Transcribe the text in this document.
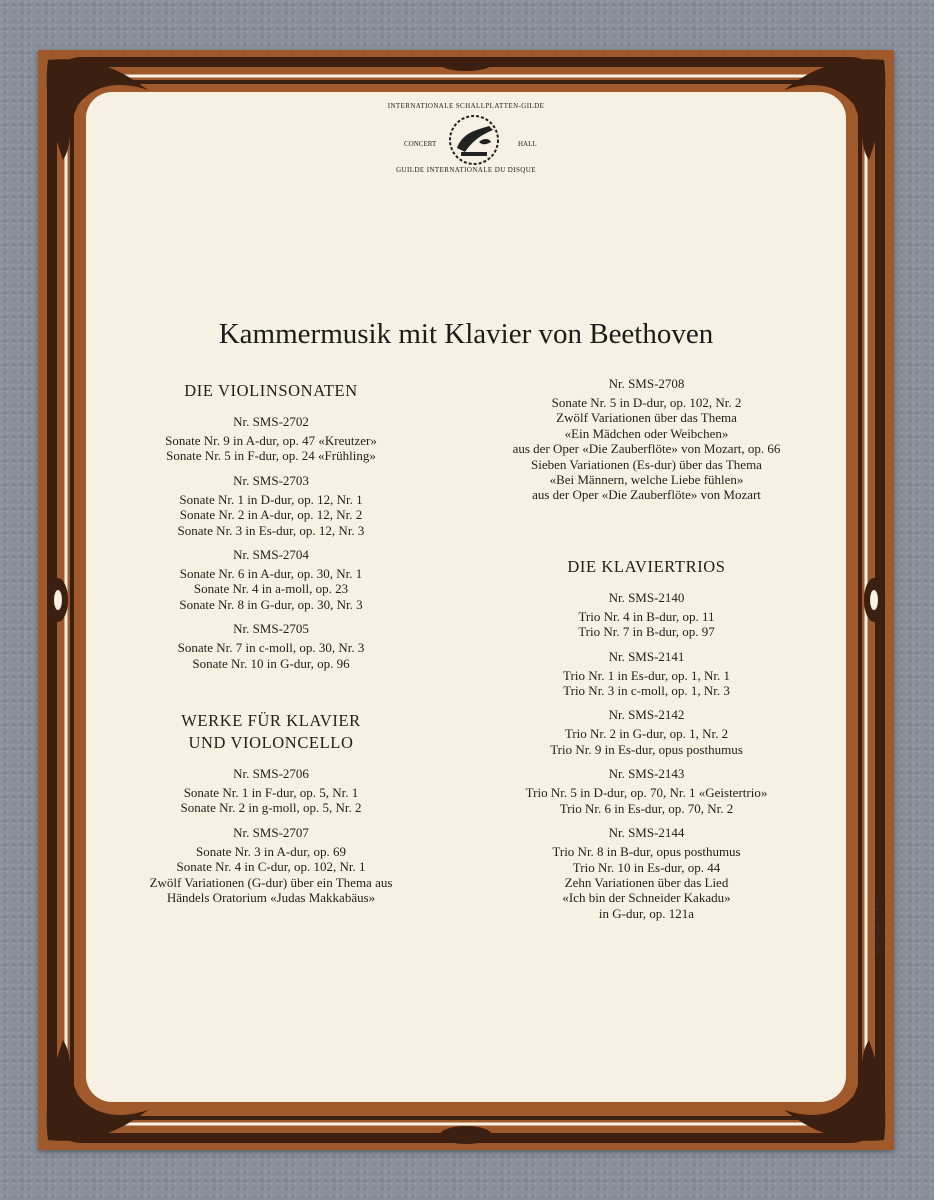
INTERNATIONALE SCHALLPLATTEN-GILDE
CONCERT	HALL
GUILDE INTERNATIONALE DU DISQUE
Kammermusik mit Klavier von Beethoven
DIE VIOLINSONATEN
Nr. SMS-2702
Sonate Nr. 9 in A-dur, op. 47 «Kreutzer»
Sonate Nr. 5 in F-dur, op. 24 «Frühling»
Nr. SMS-2703
Sonate Nr. 1 in D-dur, op. 12, Nr. 1
Sonate Nr. 2 in A-dur, op. 12, Nr. 2
Sonate Nr. 3 in Es-dur, op. 12, Nr. 3
Nr. SMS-2704
Sonate Nr. 6 in A-dur, op. 30, Nr. 1
Sonate Nr. 4 in a-moll, op. 23
Sonate Nr. 8 in G-dur, op. 30, Nr. 3
Nr. SMS-2705
Sonate Nr. 7 in c-moll, op. 30, Nr. 3
Sonate Nr. 10 in G-dur, op. 96
WERKE FÜR KLAVIER
UND VIOLONCELLO
Nr. SMS-2706
Sonate Nr. 1 in F-dur, op. 5, Nr. 1
Sonate Nr. 2 in g-moll, op. 5, Nr. 2
Nr. SMS-2707
Sonate Nr. 3 in A-dur, op. 69
Sonate Nr. 4 in C-dur, op. 102, Nr. 1
Zwölf Variationen (G-dur) über ein Thema aus
Händels Oratorium «Judas Makkabäus»
Nr. SMS-2708
Sonate Nr. 5 in D-dur, op. 102, Nr. 2
Zwölf Variationen über das Thema
«Ein Mädchen oder Weibchen»
aus der Oper «Die Zauberflöte» von Mozart, op. 66
Sieben Variationen (Es-dur) über das Thema
«Bei Männern, welche Liebe fühlen»
aus der Oper «Die Zauberflöte» von Mozart
DIE KLAVIERTRIOS
Nr. SMS-2140
Trio Nr. 4 in B-dur, op. 11
Trio Nr. 7 in B-dur, op. 97
Nr. SMS-2141
Trio Nr. 1 in Es-dur, op. 1, Nr. 1
Trio Nr. 3 in c-moll, op. 1, Nr. 3
Nr. SMS-2142
Trio Nr. 2 in G-dur, op. 1, Nr. 2
Trio Nr. 9 in Es-dur, opus posthumus
Nr. SMS-2143
Trio Nr. 5 in D-dur, op. 70, Nr. 1 «Geistertrio»
Trio Nr. 6 in Es-dur, op. 70, Nr. 2
Nr. SMS-2144
Trio Nr. 8 in B-dur, opus posthumus
Trio Nr. 10 in Es-dur, op. 44
Zehn Variationen über das Lied
«Ich bin der Schneider Kakadu»
in G-dur, op. 121a	Imp. Spéc. G.I.D.
